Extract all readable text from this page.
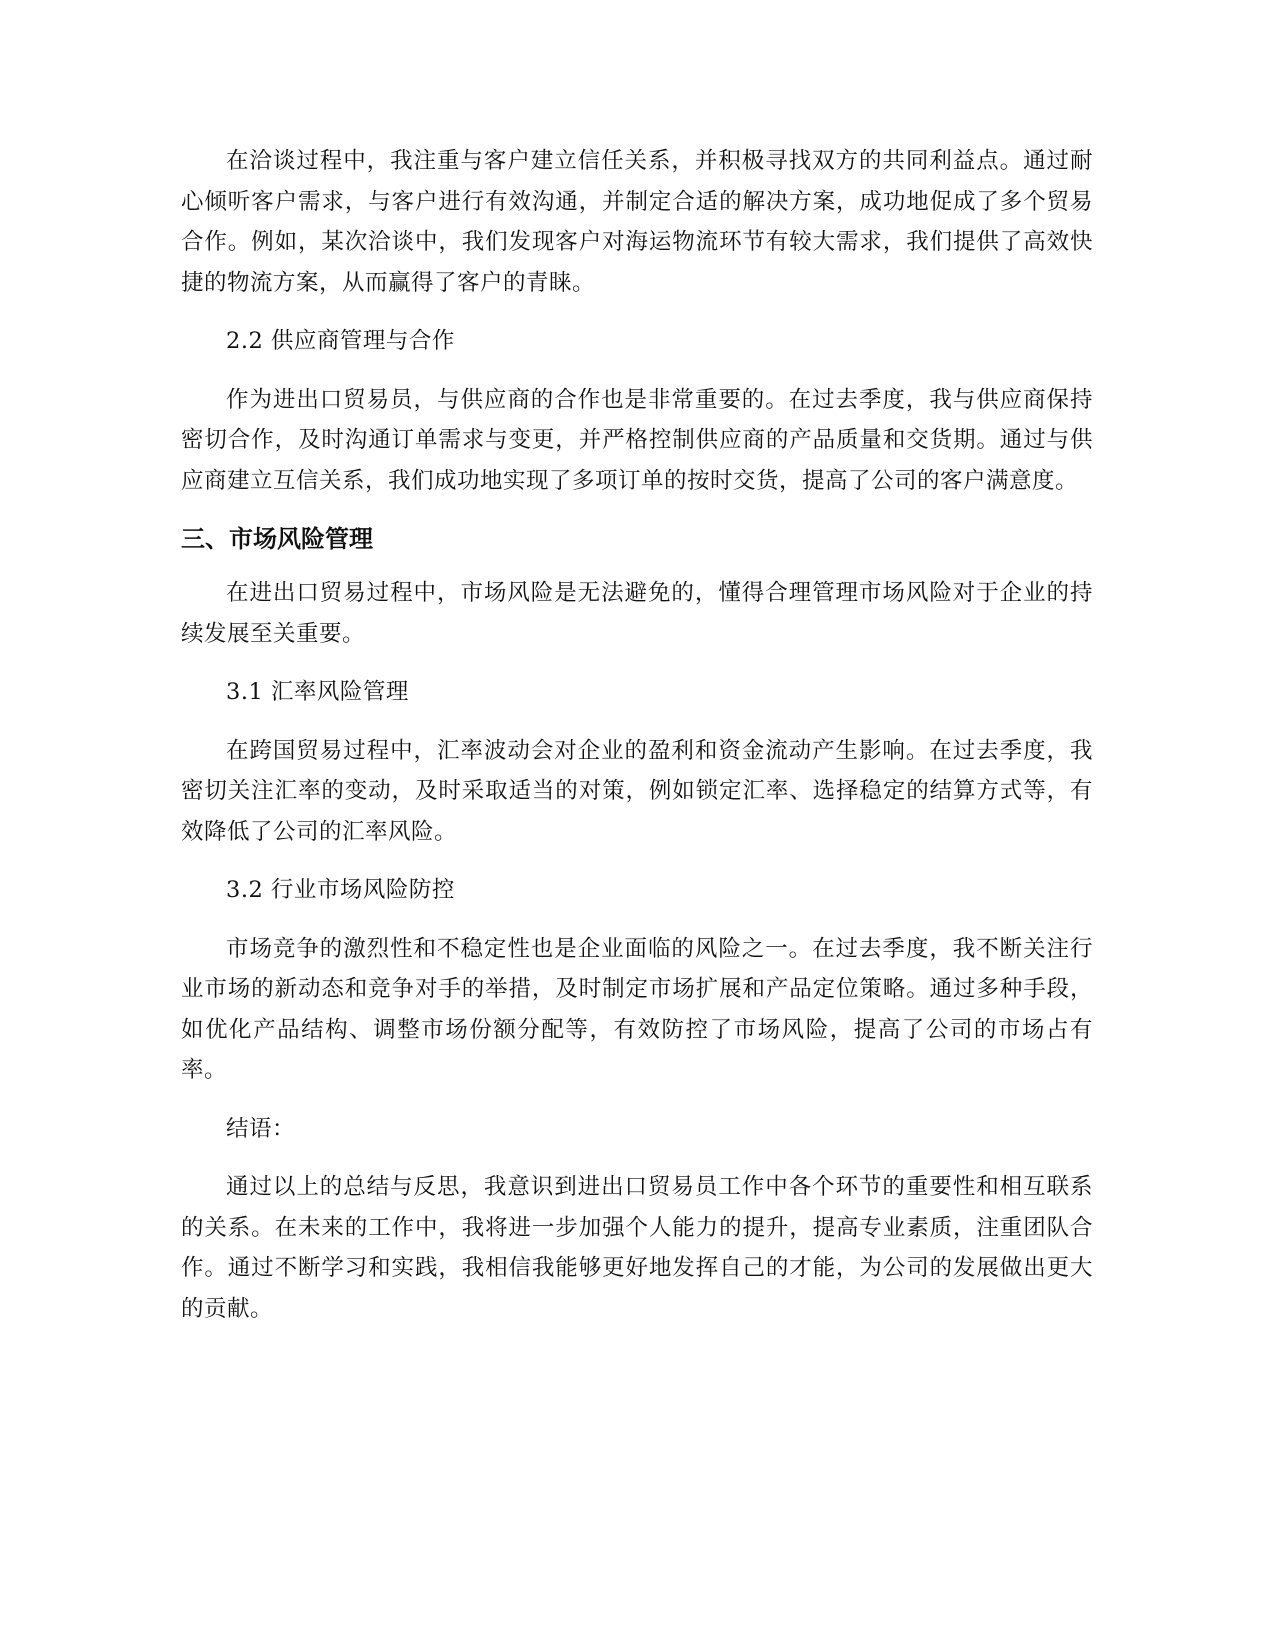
在洽谈过程中，我注重与客户建立信任关系，并积极寻找双方的共同利益点。通过耐心倾听客户需求，与客户进行有效沟通，并制定合适的解决方案，成功地促成了多个贸易合作。例如，某次洽谈中，我们发现客户对海运物流环节有较大需求，我们提供了高效快捷的物流方案，从而赢得了客户的青睐。

2.2 供应商管理与合作

作为进出口贸易员，与供应商的合作也是非常重要的。在过去季度，我与供应商保持密切合作，及时沟通订单需求与变更，并严格控制供应商的产品质量和交货期。通过与供应商建立互信关系，我们成功地实现了多项订单的按时交货，提高了公司的客户满意度。

三、市场风险管理

在进出口贸易过程中，市场风险是无法避免的，懂得合理管理市场风险对于企业的持续发展至关重要。

3.1 汇率风险管理

在跨国贸易过程中，汇率波动会对企业的盈利和资金流动产生影响。在过去季度，我密切关注汇率的变动，及时采取适当的对策，例如锁定汇率、选择稳定的结算方式等，有效降低了公司的汇率风险。

3.2 行业市场风险防控

市场竞争的激烈性和不稳定性也是企业面临的风险之一。在过去季度，我不断关注行业市场的新动态和竞争对手的举措，及时制定市场扩展和产品定位策略。通过多种手段，如优化产品结构、调整市场份额分配等，有效防控了市场风险，提高了公司的市场占有率。

结语：

通过以上的总结与反思，我意识到进出口贸易员工作中各个环节的重要性和相互联系的关系。在未来的工作中，我将进一步加强个人能力的提升，提高专业素质，注重团队合作。通过不断学习和实践，我相信我能够更好地发挥自己的才能，为公司的发展做出更大的贡献。
